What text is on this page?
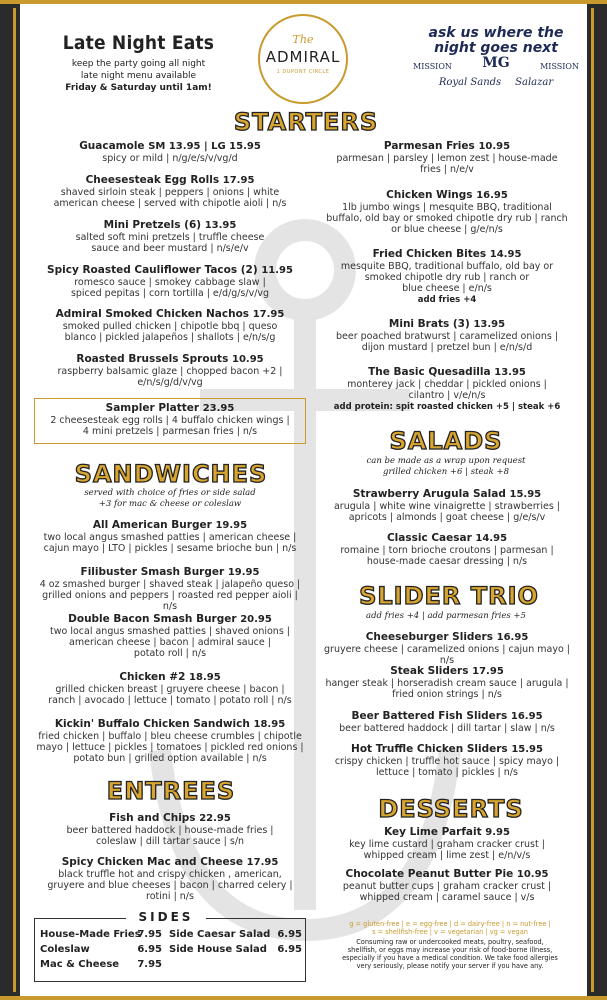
Late Night Eats
keep the party going all night
late night menu available
Friday & Saturday until 1am!
The
ADMIRAL
1 DUPONT CIRCLE
ask us where the
night goes next
MISSION MG	MISSION
Royal Sands Salazar
STARTERS
SANDWICHES
served with choice of fries or side salad
+3 for mac & cheese or coleslaw
ENTREES
SALADS
can be made as a wrap upon request
grilled chicken +6 | steak +8
SLIDER TRIO
add fries +4 | add parmesan fries +5
DESSERTS
Guacamole SM 13.95 | LG 15.95
spicy or mild | n/g/e/s/v/vg/d
Cheesesteak Egg Rolls 17.95
shaved sirloin steak | peppers | onions | white
american cheese | served with chipotle aioli | n/s
Mini Pretzels (6) 13.95
salted soft mini pretzels | truffle cheese
sauce and beer mustard | n/s/e/v
Spicy Roasted Cauliflower Tacos (2) 11.95
romesco sauce | smokey cabbage slaw |
spiced pepitas | corn tortilla | e/d/g/s/v/vg
Admiral Smoked Chicken Nachos 17.95
smoked pulled chicken | chipotle bbq | queso
blanco | pickled jalapeños | shallots | e/n/s/g
Roasted Brussels Sprouts 10.95
raspberry balsamic glaze | chopped bacon +2 |
e/n/s/g/d/v/vg
Sampler Platter 23.95
2 cheesesteak egg rolls | 4 buffalo chicken wings |
4 mini pretzels | parmesan fries | n/s
Parmesan Fries 10.95
parmesan | parsley | lemon zest | house-made
fries | n/e/v
Chicken Wings 16.95
1lb jumbo wings | mesquite BBQ, traditional
buffalo, old bay or smoked chipotle dry rub | ranch
or blue cheese | g/e/n/s
Fried Chicken Bites 14.95
mesquite BBQ, traditional buffalo, old bay or
smoked chipotle dry rub | ranch or
blue cheese | e/n/s
add fries +4
Mini Brats (3) 13.95
beer poached bratwurst | caramelized onions |
dijon mustard | pretzel bun | e/n/s/d
The Basic Quesadilla 13.95
monterey jack | cheddar | pickled onions |
cilantro | v/e/n/s
add protein: spit roasted chicken +5 | steak +6
All American Burger 19.95
two local angus smashed patties | american cheese |
cajun mayo | LTO | pickles | sesame brioche bun | n/s
Filibuster Smash Burger 19.95
4 oz smashed burger | shaved steak | jalapeño queso |
grilled onions and peppers | roasted red pepper aioli | n/s
Double Bacon Smash Burger 20.95
two local angus smashed patties | shaved onions |
american cheese | bacon | admiral sauce |
potato roll | n/s
Chicken #2 18.95
grilled chicken breast | gruyere cheese | bacon |
ranch | avocado | lettuce | tomato | potato roll | n/s
Kickin' Buffalo Chicken Sandwich 18.95
fried chicken | buffalo | bleu cheese crumbles | chipotle
mayo | lettuce | pickles | tomatoes | pickled red onions |
potato bun | grilled option available | n/s
Fish and Chips 22.95
beer battered haddock | house-made fries |
coleslaw | dill tartar sauce | s/n
Spicy Chicken Mac and Cheese 17.95
black truffle hot and crispy chicken , american,
gruyere and blue cheeses | bacon | charred celery |
rotini | n/s
Strawberry Arugula Salad 15.95
arugula | white wine vinaigrette | strawberries |
apricots | almonds | goat cheese | g/e/s/v
Classic Caesar 14.95
romaine | torn brioche croutons | parmesan |
house-made caesar dressing | n/s
Cheeseburger Sliders 16.95
gruyere cheese | caramelized onions | cajun mayo | n/s
Steak Sliders 17.95
hanger steak | horseradish cream sauce | arugula |
fried onion strings | n/s
Beer Battered Fish Sliders 16.95
beer battered haddock | dill tartar | slaw | n/s
Hot Truffle Chicken Sliders 15.95
crispy chicken | truffle hot sauce | spicy mayo |
lettuce | tomato | pickles | n/s
Key Lime Parfait 9.95
key lime custard | graham cracker crust |
whipped cream | lime zest | e/n/v/s
Chocolate Peanut Butter Pie 10.95
peanut butter cups | graham cracker crust |
whipped cream | caramel sauce | v/s
SIDES
House-Made Fries
7.95
Coleslaw	6.95
Mac & Cheese 7.95
Side Caesar Salad 6.95
Side House Salad 6.95
g = gluten-free | e = egg-free | d = dairy-free | n = nut-free |
s = shellfish-free | v = vegetarian | vg = vegan
Consuming raw or undercooked meats, poultry, seafood,
shellfish, or eggs may increase your risk of food-borne illness,
especially if you have a medical condition. We take food allergies
very seriously, please notify your server if you have any.
